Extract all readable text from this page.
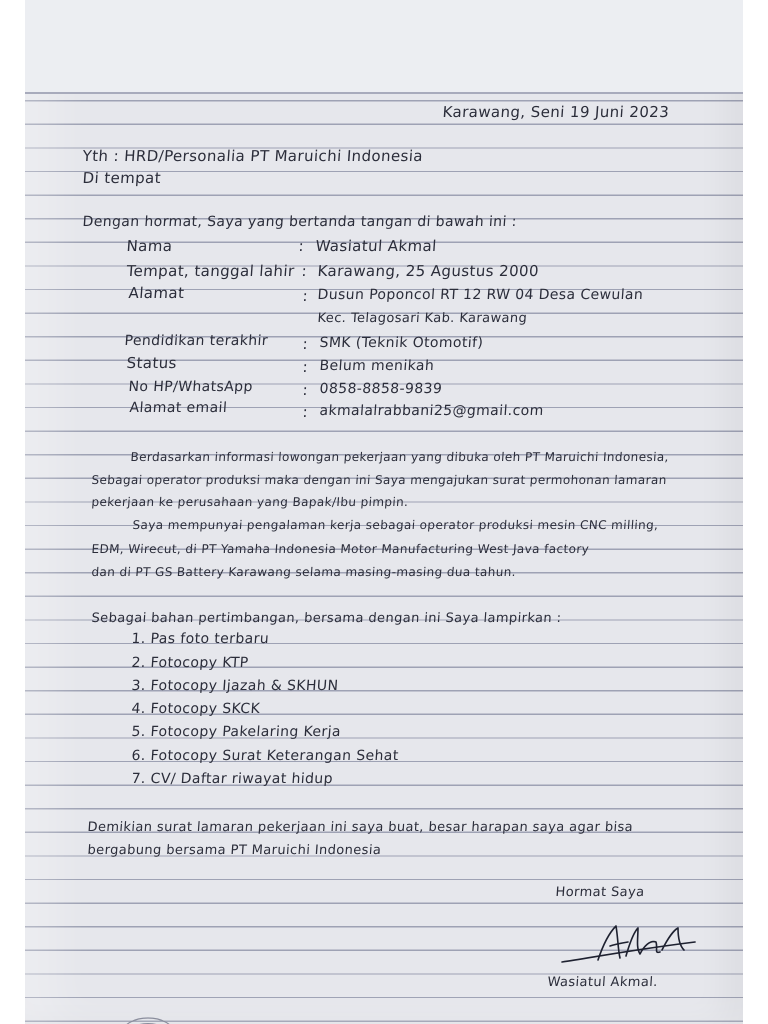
Karawang, Seni 19 Juni 2023
Yth : HRD/Personalia PT Maruichi Indonesia
Di tempat
Dengan hormat, Saya yang bertanda tangan di bawah ini :
Nama	: Wasiatul Akmal
Tempat, tanggal lahir : Karawang, 25 Agustus 2000
Alamat	: Dusun Poponcol RT 12 RW 04 Desa Cewulan
Kec. Telagosari Kab. Karawang
Pendidikan terakhir : SMK (Teknik Otomotif)
Status	: Belum menikah
No HP/WhatsApp	: 0858-8858-9839
Alamat email	: akmalalrabbani25@gmail.com
Berdasarkan informasi lowongan pekerjaan yang dibuka oleh PT Maruichi Indonesia,
Sebagai operator produksi maka dengan ini Saya mengajukan surat permohonan lamaran
pekerjaan ke perusahaan yang Bapak/Ibu pimpin.
Saya mempunyai pengalaman kerja sebagai operator produksi mesin CNC milling,
EDM, Wirecut, di PT Yamaha Indonesia Motor Manufacturing West Java factory
dan di PT GS Battery Karawang selama masing-masing dua tahun.
Sebagai bahan pertimbangan, bersama dengan ini Saya lampirkan :
1. Pas foto terbaru
2. Fotocopy KTP
3. Fotocopy Ijazah & SKHUN
4. Fotocopy SKCK
5. Fotocopy Pakelaring Kerja
6. Fotocopy Surat Keterangan Sehat
7. CV/ Daftar riwayat hidup
Demikian surat lamaran pekerjaan ini saya buat, besar harapan saya agar bisa
bergabung bersama PT Maruichi Indonesia
Hormat Saya
Wasiatul Akmal.
